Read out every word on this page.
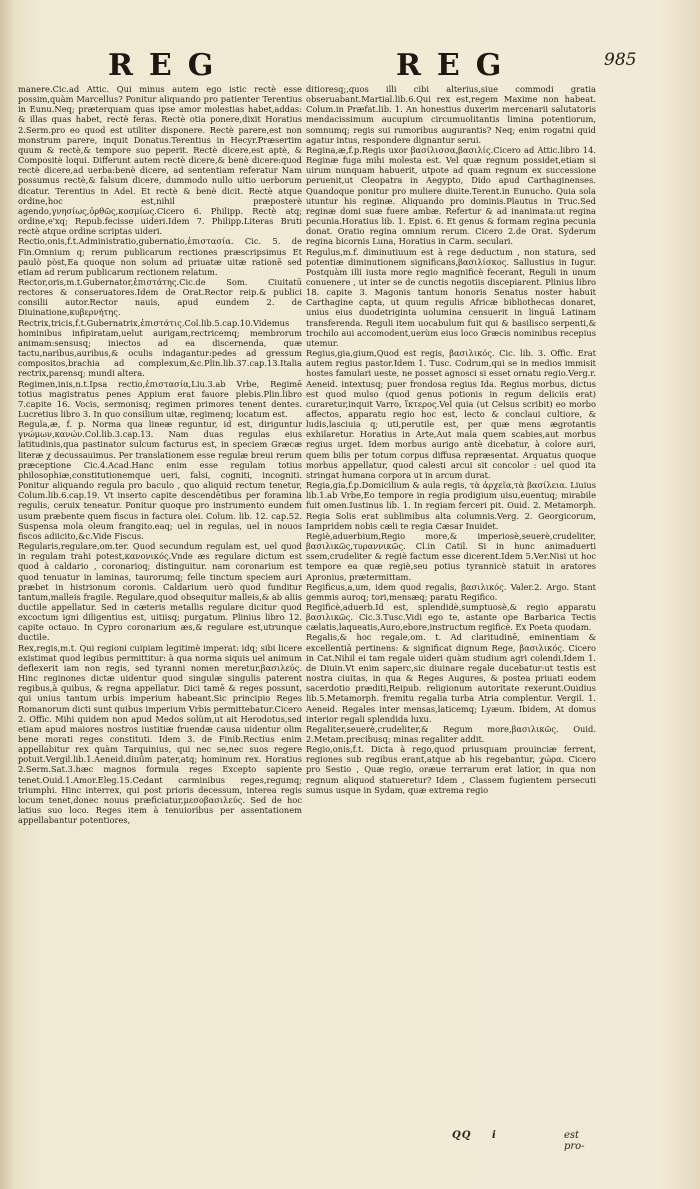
REG	REG	985

manere.Cic.ad Attic. Qui minus autem ego istic rectè esse possim,quàm Marcellus? Ponitur aliquando pro patienter Terentius in Eunu.Neq; præterquam quas ipse amor molestias habet,addas: & illas quas habet, rectè feras. Rectè otia ponere,dixit Horatius 2.Serm.pro eo quod est utiliter disponere. Rectè parere,est non monstrum parere, inquit Donatus.Terentius in Hecyr.Præsertim quum & rectè,& tempore suo peperit. Rectè dicere,est aptè, & Compositè loqui. Differunt autem rectè dicere,& benè dicere:quod rectè dicere,ad uerba:benè dicere, ad sententiam referatur Nam possumus rectè,& falsum dicere, dummodo nullo uitio uerborum dicatur. Terentius in Adel. Et rectè & benè dicit. Rectè atque ordine,hoc est,nihil præposterè agendo,γνησίως,ὀρθῶς,κοσμίως.Cicero 6. Philipp. Rectè atq; ordine,e'xq; Repub.fecisse uideri.Idem 7. Philipp.Literas Bruti rectè atque ordine scriptas uideri.

Rectio,onis,f.t.Administratio,gubernatio,ἐπιστασία. Cic. 5. de Fin.Omnium q; rerum publicarum rectiones præscripsimus Et paulò pòst,Ea quoque non solum ad priuatæ uitæ rationē sed etiam ad rerum publicarum rectionem relatum.

Rector,oris,m.t.Gubernator,ἐπιστάτης.Cic.de Som. Ciuitatū rectores & conseruatores.Idem de Orat.Rector reip.& publici consilii autor.Rector nauis, apud eundem 2. de Diuinatione,κυβερνήτης.

Rectrix,tricis,f.t.Gubernatrix,ἐπιστάτις.Col.lib.5.cap.10.Videmus hominibus infipiratam,uelut aurigam,rectricemq; membrorum animam:sensusq; iniectos ad ea discernenda, quæ tactu,naribus,auribus,& oculis indagantur:pedes ad gressum compositos,brachia ad complexum,&c.Plin.lib.37.cap.13.Italia rectrix,parensq; mundi altera.

Regimen,inis,n.t.Ipsa rectio,ἐπιστασία,Liu.3.ab Vrbe, Regimē totius magistratus penes Appium erat fauore plebis.Plin.libro 7.capite 16. Vocis, sermonisq; regimen primores tenent dentes. Lucretius libro 3. In quo consilium uitæ, regimenq; locatum est.

Regula,æ, f. p. Norma qua lineæ reguntur, id est, diriguntur γνώμων,κανών.Col.lib.3.cap.13. Nam duas regulas eius latitudinis,qua pastinator sulcum facturus est, in speciem Græcæ literæ χ decussauimus. Per translationem esse regulæ breui rerum præceptione Cic.4.Acad.Hanc enim esse regulam totius philosophiæ,constitutionemque ueri, falsi, cogniti, incogniti. Ponitur aliquando regula pro baculo , quo aliquid rectum tenetur, Colum.lib.6.cap.19. Vt inserto capite descendētibus per foramina regulis, ceruix teneatur. Ponitur quoque pro instrumento eundem usum præbente quem fiscus in factura olei. Colum. lib. 12. cap.52. Suspensa mola oleum frangito.eaq; uel in regulas, uel in nouos fiscos adiicito,&c.Vide Fiscus.

Regularis,regulare,om.ter. Quod secundum regulam est, uel quod in regulam trahi potest,κανονικός.Vnde æs regulare dictum est quod à caldario , coronarioq; distinguitur. nam coronarium est quod tenuatur in laminas, taurorumq; felle tinctum speciem auri præbet in histrionum coronis. Caldarium uerò quod funditur tantum,malleis fragile. Regulare,quod obsequitur malleis,& ab aliis ductile appellatur. Sed in cæteris metallis regulare dicitur quod excoctum igni diligentius est, uitiisq; purgatum. Plinius libro 12. capite octauo. In Cypro coronarium æs,& regulare est,utrunque ductile.

Rex,regis,m.t. Qui regioni cuipiam legitimè imperat: idq; sibi licere existimat quod legibus permittitur: à qua norma siquis uel animum deflexerit iam non regis, sed tyranni nomen meretur,βασιλεύς. Hinc reginones dictæ uidentur quod singulæ singulis paterent regibus,à quibus, & regna appellatur. Dici tamē & reges possunt, qui unius tantum urbis imperium habeant.Sic principio Reges Romanorum dicti sunt quibus imperium Vrbis permittebatur.Cicero 2. Offic. Mihi quidem non apud Medos solùm,ut ait Herodotus,sed etiam apud maiores nostros iustitiæ fruendæ causa uidentur olim bene morati reges constituti. Idem 3. de Finib.Rectius enim appellabitur rex quàm Tarquinius, qui nec se,nec suos regere potuit.Vergil.lib.1.Aeneid.diuûm pater,atq; hominum rex. Horatius 2.Serm.Sat.3.hæc magnos formula reges Excepto sapiente tenet.Ouid.1.Amor.Eleg.15.Cedant carminibus reges,regumq; triumphi. Hinc interrex, qui post prioris decessum, interea regis locum tenet,donec nouus præficiatur,μεσοβασιλεύς. Sed de hoc latius suo loco. Reges item à tenuioribus per assentationem appellabantur potentiores,

ditioresq;,quos illi cibi alterius,siue commodi gratia obseruabant.Martial.lib.6.Qui rex est,regem Maxime non habeat. Colum.in Præfat.lib. 1. An honestius duxerim mercenarii salutatoris mendacissimum aucupium circumuolitantis limina potentiorum, somnumq; regis sui rumoribus augurantis? Neq; enim rogatni quid agatur intus, respondere dignantur serui.

Regina,æ,f.p.Regis uxor βασίλισσα,βασιλίς.Cicero ad Attic.libro 14. Reginæ fuga mihi molesta est. Vel quæ regnum possidet,etiam si uirum nunquam habuerit, utpote ad quam regnum ex successione peruenit,ut Cleopatra in Aegypto, Dido apud Carthaginenses. Quandoque ponitur pro muliere diuite.Terent.in Eunucho. Quia sola utuntur his reginæ. Aliquando pro dominis.Plautus in Truc.Sed reginæ domi suæ fuere ambæ. Refertur & ad inanimata:ut regina pecunia.Horatius lib. 1. Epist. 6. Et genus & formam regina pecunia donat. Oratio regina omnium rerum. Cicero 2.de Orat. Syderum regina bicornis Luna, Horatius in Carm. seculari.

Regulus,m.f. diminutiuum est à rege deductum , non statura, sed potentiæ diminutionem significans,βασιλίσκος. Sallustius in Iugur. Postquàm illi iusta more regio magnificè fecerant, Reguli in unum conuenere , ut inter se de cunctis negotiis discepiarent. Plinius libro 18. capite 3. Magonis tantum honoris Senatus noster habuit Carthagine capta, ut quum regulis Africæ bibliothecas donaret, unius eius duodetriginta uolumina censuerit in linguā Latinam transferenda. Reguli item uocabulum fuit qui & basilisco serpenti,& trochilo aui accomodent,uerùm eius loco Græcis nominibus recepius utemur.

Regius,gia,gium,Quod est regis, βασιλικός. Cic. lib. 3. Offic. Erat autem regius pastor.Idem 1. Tusc. Codrum,qui se in medios immisit hostes famulari ueste, ne posset agnosci si esset ornatu regio.Verg.r. Aeneid. intextusq; puer frondosa regius Ida. Regius morbus, dictus est quod mulso (quod genus potionis in regum deliciis erat) curaretur,inquit Varro, ἴκτερος.Vel quia (ut Celsus scribit) eo morbo affectos, apparatu regio hoc est, lecto & conclaui cultiore, & ludis,lasciuia q; uti,perutile est, per quæ mens ægrotantis exhilaretur. Horatius in Arte,Aut mala quem scabies,aut morbus regius urget. Idem morbus aurigo antè dicebatur, à colore auri, quem bilis per totum corpus diffusa repræsentat. Arquatus quoque morbus appellatur, quod calesti arcui sit concolor : uel quod ita stringat humana corpora ut in arcum durat.

Regia,gia,f.p.Domicilium & aula regis, τὰ ἀρχεῖα,τὰ βασίλεια. Liuius lib.1.ab Vrbe,Eo tempore in regia prodigium uisu,euentuq; mirabile fuit omen.Iustinus lib. 1. In regiam ferceri pit. Ouid. 2. Metamorph. Regia Solis erat sublimibus alta columnis.Verg. 2. Georgicorum, Iampridem nobis cæli te regia Cæsar Inuidet.

Regiè,aduerbium,Regio more,& imperiosè,seuerè,crudeliter, βασιλικῶς,τυραννικῶς. Cl.in Catil. Si in hunc animaduerti ssem,crudeliter & regiè factum esse dicerent.Idem 5.Ver.Nisi ut hoc tempore ea quæ regiè,seu potius tyrannicè statuit in aratores Apronius, prætermittam.

Regificus,a,um, idem quod regalis, βασιλικός. Valer.2. Argo. Stant gemmis auroq; tori,mensæq; paratu Regifico.

Regificè,aduerb.Id est, splendidè,sumptuosè,& regio apparatu βασιλικῶς. Cic.3.Tusc.Vidi ego te, astante ope Barbarica Tectis cælatis,laqueatis,Auro,ebore,instructum regificè. Ex Poeta quodam.

Regalis,& hoc regale,om. t. Ad claritudinē, eminentiam & excellentiā pertinens: & significat dignum Rege, βασιλικός. Cicero in Cat.Nihil ei tam regale uideri quàm studium agri colendi.Idem 1. de Diuin.Vt enim saperc,sic diuinare regale ducebatur:ut testis est nostra ciuitas, in qua & Reges Augures, & postea priuati eodem sacerdotio præditi,Reipub. religionum autoritate rexerunt.Ouidius lib.5.Metamorph. fremitu regalia turba Atria complentur. Vergil. 1. Aeneid. Regales inter mensas,laticemq; Lyæum. Ibidem, At domus interior regali splendida luxu.

Regaliter,seuerè,crudeliter,& Regum more,βασιλικῶς. Ouid. 2.Metam.precibusq; minas regaliter addit.

Regio,onis,f.t. Dicta à rego,quod priusquam prouinciæ ferrent, regiones sub regibus erant,atque ab his regebantur, χώρα. Cicero pro Sestio , Quæ regio, oræue terrarum erat latior, in qua non regnum aliquod statueretur? Idem , Classem fugientem persecuti sumus usque in Sydam, quæ extrema regio

QQ i	est pro-
